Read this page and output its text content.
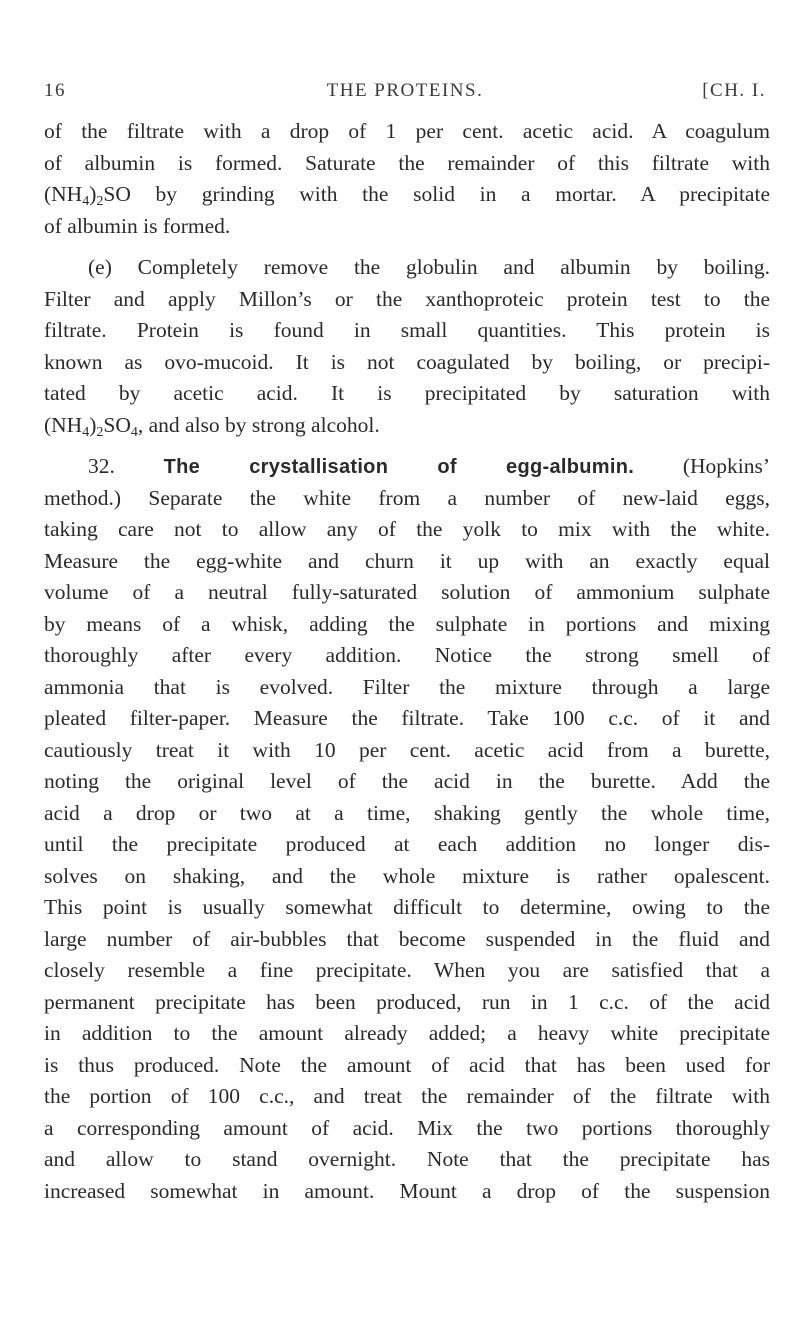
16	THE PROTEINS.	[CH. I.
of the filtrate with a drop of 1 per cent. acetic acid. A coagulum
of albumin is formed. Saturate the remainder of this filtrate with
$(NH_4)_2SO$ by grinding with the solid in a mortar. A precipitate
of albumin is formed.
(e) Completely remove the globulin and albumin by boiling.
Filter and apply Millon’s or the xanthoproteic protein test to the
filtrate. Protein is found in small quantities. This protein is
known as ovo-mucoid. It is not coagulated by boiling, or precipi-
tated by acetic acid. It is precipitated by saturation with
$(NH_4)_2SO_4$, and also by strong alcohol.
32. The crystallisation of egg-albumin. (Hopkins’
method.) Separate the white from a number of new-laid eggs,
taking care not to allow any of the yolk to mix with the white.
Measure the egg-white and churn it up with an exactly equal
volume of a neutral fully-saturated solution of ammonium sulphate
by means of a whisk, adding the sulphate in portions and mixing
thoroughly after every addition. Notice the strong smell of
ammonia that is evolved. Filter the mixture through a large
pleated filter-paper. Measure the filtrate. Take 100 c.c. of it and
cautiously treat it with 10 per cent. acetic acid from a burette,
noting the original level of the acid in the burette. Add the
acid a drop or two at a time, shaking gently the whole time,
until the precipitate produced at each addition no longer dis-
solves on shaking, and the whole mixture is rather opalescent.
This point is usually somewhat difficult to determine, owing to the
large number of air-bubbles that become suspended in the fluid and
closely resemble a fine precipitate. When you are satisfied that a
permanent precipitate has been produced, run in 1 c.c. of the acid
in addition to the amount already added; a heavy white precipitate
is thus produced. Note the amount of acid that has been used for
the portion of 100 c.c., and treat the remainder of the filtrate with
a corresponding amount of acid. Mix the two portions thoroughly
and allow to stand overnight. Note that the precipitate has
increased somewhat in amount. Mount a drop of the suspension
